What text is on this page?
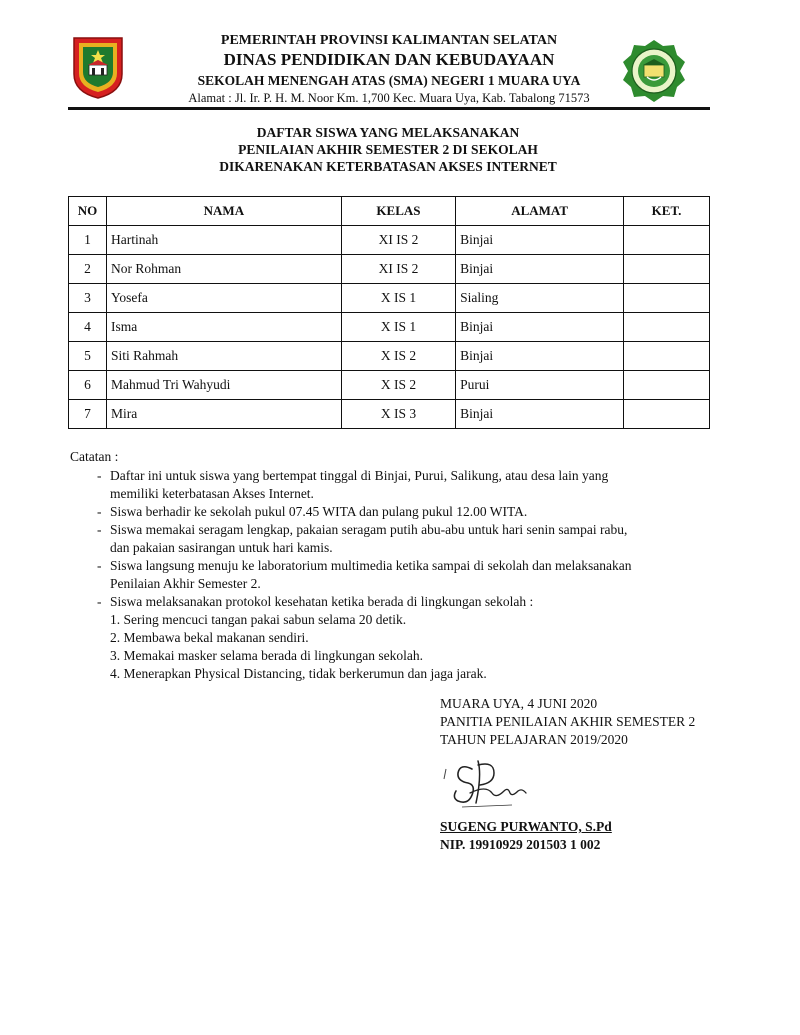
PEMERINTAH PROVINSI KALIMANTAN SELATAN
DINAS PENDIDIKAN DAN KEBUDAYAAN
SEKOLAH MENENGAH ATAS (SMA) NEGERI 1 MUARA UYA
Alamat : Jl. Ir. P. H. M. Noor Km. 1,700 Kec. Muara Uya, Kab. Tabalong 71573
DAFTAR SISWA YANG MELAKSANAKAN
PENILAIAN AKHIR SEMESTER 2 DI SEKOLAH
DIKARENAKAN KETERBATASAN AKSES INTERNET
NO	NAMA	KELAS	ALAMAT	KET.
1	Hartinah	XI IS 2	Binjai	
2	Nor Rohman	XI IS 2	Binjai	
3	Yosefa	X IS 1	Sialing	
4	Isma	X IS 1	Binjai	
5	Siti Rahmah	X IS 2	Binjai	
6	Mahmud Tri Wahyudi	X IS 2	Purui	
7	Mira	X IS 3	Binjai	
Catatan :
- Daftar ini untuk siswa yang bertempat tinggal di Binjai, Purui, Salikung, atau desa lain yang
memiliki keterbatasan Akses Internet.
- Siswa berhadir ke sekolah pukul 07.45 WITA dan pulang pukul 12.00 WITA.
- Siswa memakai seragam lengkap, pakaian seragam putih abu-abu untuk hari senin sampai rabu,
dan pakaian sasirangan untuk hari kamis.
- Siswa langsung menuju ke laboratorium multimedia ketika sampai di sekolah dan melaksanakan
Penilaian Akhir Semester 2.
- Siswa melaksanakan protokol kesehatan ketika berada di lingkungan sekolah :
1. Sering mencuci tangan pakai sabun selama 20 detik.
2. Membawa bekal makanan sendiri.
3. Memakai masker selama berada di lingkungan sekolah.
4. Menerapkan Physical Distancing, tidak berkerumun dan jaga jarak.
MUARA UYA, 4 JUNI 2020
PANITIA PENILAIAN AKHIR SEMESTER 2
TAHUN PELAJARAN 2019/2020
SUGENG PURWANTO, S.Pd
NIP. 19910929 201503 1 002
